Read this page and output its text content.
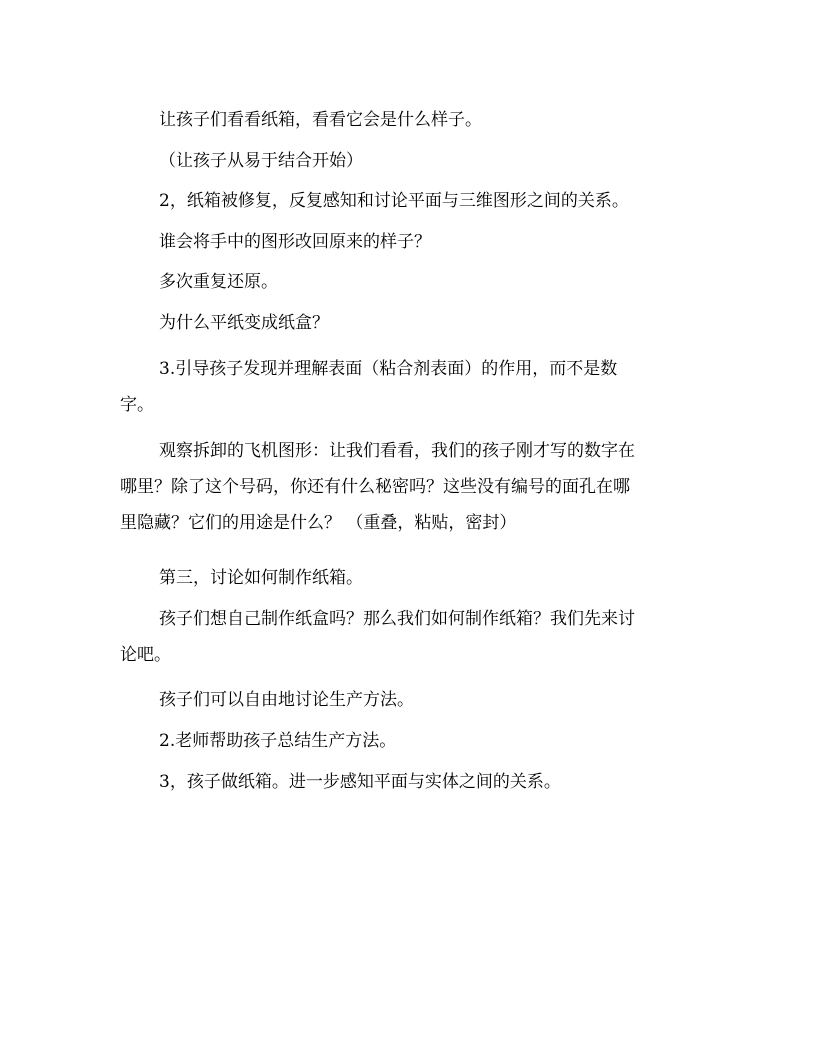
让孩子们看看纸箱，看看它会是什么样子。

（让孩子从易于结合开始）

2，纸箱被修复，反复感知和讨论平面与三维图形之间的关系。

谁会将手中的图形改回原来的样子？

多次重复还原。

为什么平纸变成纸盒？

3.引导孩子发现并理解表面（粘合剂表面）的作用，而不是数
字。

观察拆卸的飞机图形：让我们看看，我们的孩子刚才写的数字在
哪里？除了这个号码，你还有什么秘密吗？这些没有编号的面孔在哪
里隐藏？它们的用途是什么？ （重叠，粘贴，密封）

第三，讨论如何制作纸箱。

孩子们想自己制作纸盒吗？那么我们如何制作纸箱？我们先来讨
论吧。

孩子们可以自由地讨论生产方法。

2.老师帮助孩子总结生产方法。

3，孩子做纸箱。进一步感知平面与实体之间的关系。
